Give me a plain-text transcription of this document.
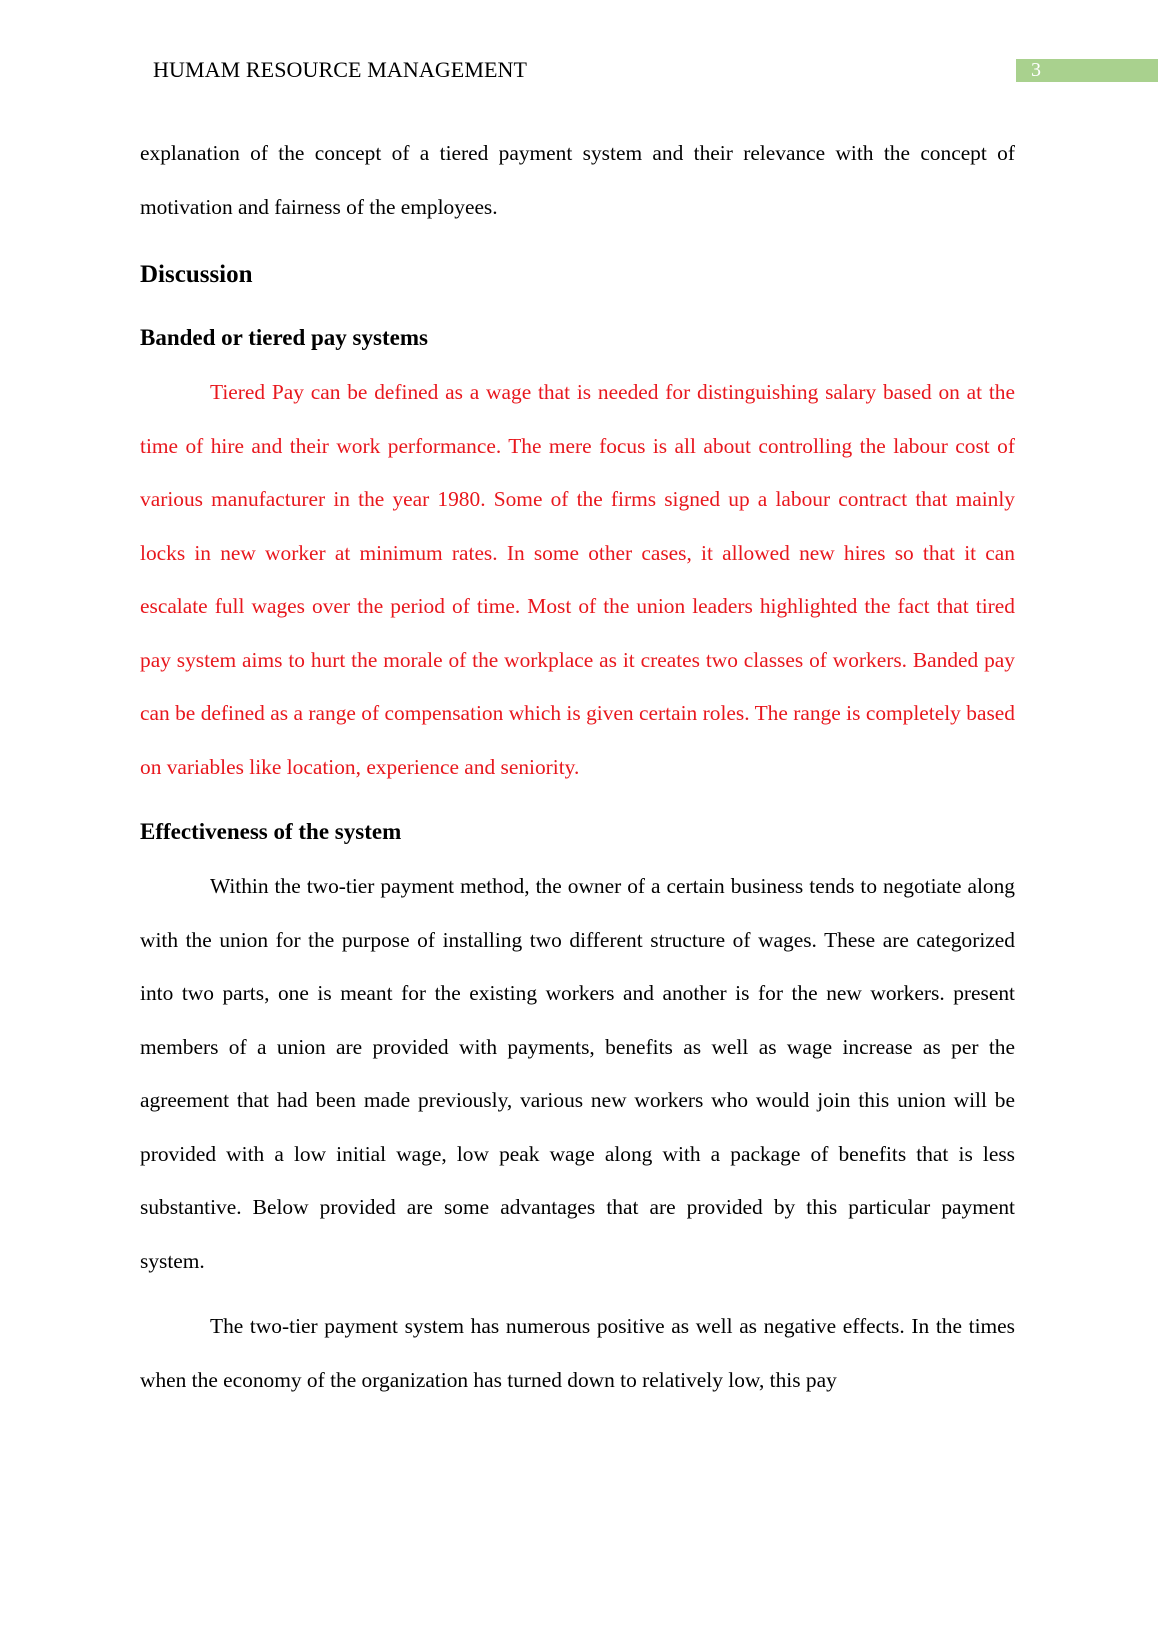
HUMAM RESOURCE MANAGEMENT	3

explanation of the concept of a tiered payment system and their relevance with the concept of motivation and fairness of the employees.

Discussion
Banded or tiered pay systems

Tiered Pay can be defined as a wage that is needed for distinguishing salary based on at the time of hire and their work performance. The mere focus is all about controlling the labour cost of various manufacturer in the year 1980. Some of the firms signed up a labour contract that mainly locks in new worker at minimum rates. In some other cases, it allowed new hires so that it can escalate full wages over the period of time. Most of the union leaders highlighted the fact that tired pay system aims to hurt the morale of the workplace as it creates two classes of workers. Banded pay can be defined as a range of compensation which is given certain roles. The range is completely based on variables like location, experience and seniority.

Effectiveness of the system

Within the two-tier payment method, the owner of a certain business tends to negotiate along with the union for the purpose of installing two different structure of wages. These are categorized into two parts, one is meant for the existing workers and another is for the new workers. present members of a union are provided with payments, benefits as well as wage increase as per the agreement that had been made previously, various new workers who would join this union will be provided with a low initial wage, low peak wage along with a package of benefits that is less substantive. Below provided are some advantages that are provided by this particular payment system.

The two-tier payment system has numerous positive as well as negative effects. In the times when the economy of the organization has turned down to relatively low, this pay
